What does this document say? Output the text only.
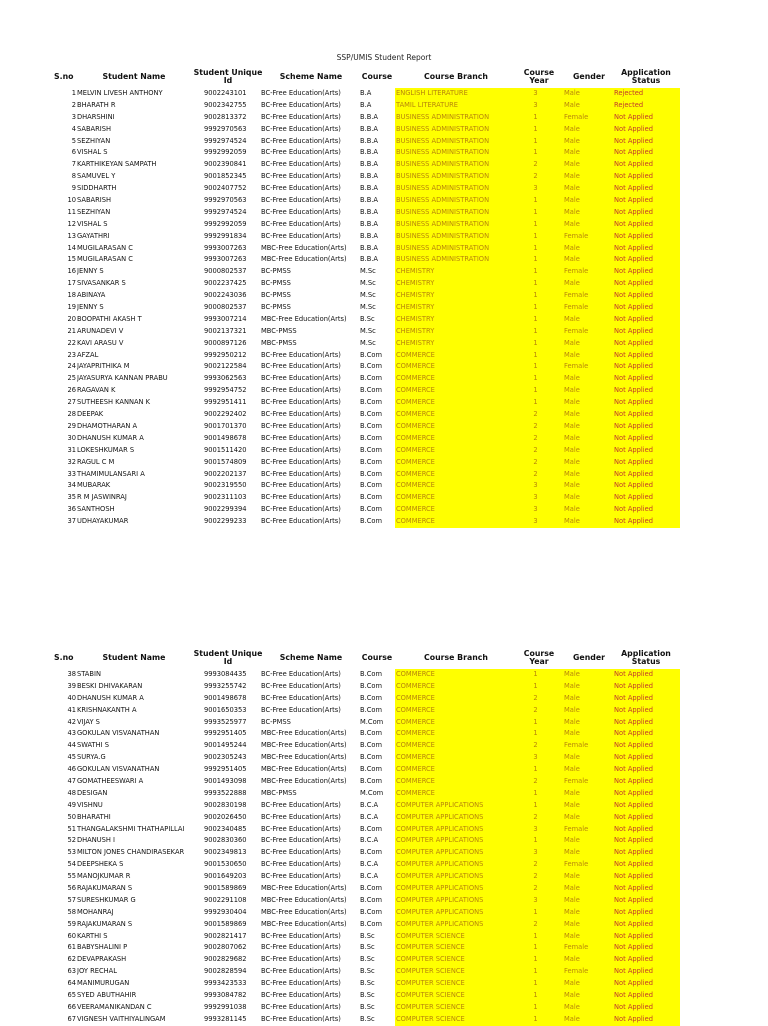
SSP/UMIS Student Report
S.no	Student Name	Student Unique Id	Scheme Name	Course	Course Branch	Course Year	Gender	Application Status
1 MELVIN LIVESH ANTHONY	9002243101	BC-Free Education(Arts)	B.A	ENGLISH LITERATURE	3	Male	Rejected
2 BHARATH R	9002342755	BC-Free Education(Arts)	B.A	TAMIL LITERATURE	3	Male	Rejected
3 DHARSHINI	9002813372	BC-Free Education(Arts)	B.B.A	BUSINESS ADMINISTRATION	1	Female	Not Applied
4 SABARISH	9992970563	BC-Free Education(Arts)	B.B.A	BUSINESS ADMINISTRATION	1	Male	Not Applied
5 SEZHIYAN	9992974524	BC-Free Education(Arts)	B.B.A	BUSINESS ADMINISTRATION	1	Male	Not Applied
6 VISHAL S	9992992059	BC-Free Education(Arts)	B.B.A	BUSINESS ADMINISTRATION	1	Male	Not Applied
7 KARTHIKEYAN SAMPATH	9002390841	BC-Free Education(Arts)	B.B.A	BUSINESS ADMINISTRATION	2	Male	Not Applied
8 SAMUVEL Y	9001852345	BC-Free Education(Arts)	B.B.A	BUSINESS ADMINISTRATION	2	Male	Not Applied
9 SIDDHARTH	9002407752	BC-Free Education(Arts)	B.B.A	BUSINESS ADMINISTRATION	3	Male	Not Applied
10 SABARISH	9992970563	BC-Free Education(Arts)	B.B.A	BUSINESS ADMINISTRATION	1	Male	Not Applied
11 SEZHIYAN	9992974524	BC-Free Education(Arts)	B.B.A	BUSINESS ADMINISTRATION	1	Male	Not Applied
12 VISHAL S	9992992059	BC-Free Education(Arts)	B.B.A	BUSINESS ADMINISTRATION	1	Male	Not Applied
13 GAYATHRI	9992991834	BC-Free Education(Arts)	B.B.A	BUSINESS ADMINISTRATION	1	Female	Not Applied
14 MUGILARASAN C	9993007263	MBC-Free Education(Arts)	B.B.A	BUSINESS ADMINISTRATION	1	Male	Not Applied
15 MUGILARASAN C	9993007263	MBC-Free Education(Arts)	B.B.A	BUSINESS ADMINISTRATION	1	Male	Not Applied
16 JENNY S	9000802537	BC-PMSS	M.Sc	CHEMISTRY	1	Female	Not Applied
17 SIVASANKAR S	9002237425	BC-PMSS	M.Sc	CHEMISTRY	1	Male	Not Applied
18 ABINAYA	9002243036	BC-PMSS	M.Sc	CHEMISTRY	1	Female	Not Applied
19 JENNY S	9000802537	BC-PMSS	M.Sc	CHEMISTRY	1	Female	Not Applied
20 BOOPATHI AKASH T	9993007214	MBC-Free Education(Arts)	B.Sc	CHEMISTRY	1	Male	Not Applied
21 ARUNADEVI V	9002137321	MBC-PMSS	M.Sc	CHEMISTRY	1	Female	Not Applied
22 KAVI ARASU V	9000897126	MBC-PMSS	M.Sc	CHEMISTRY	1	Male	Not Applied
23 AFZAL	9992950212	BC-Free Education(Arts)	B.Com	COMMERCE	1	Male	Not Applied
24 JAYAPRITHIKA M	9002122584	BC-Free Education(Arts)	B.Com	COMMERCE	1	Female	Not Applied
25 JAYASURYA KANNAN PRABU	9993062563	BC-Free Education(Arts)	B.Com	COMMERCE	1	Male	Not Applied
26 RAGAVAN K	9992954752	BC-Free Education(Arts)	B.Com	COMMERCE	1	Male	Not Applied
27 SUTHEESH KANNAN K	9992951411	BC-Free Education(Arts)	B.Com	COMMERCE	1	Male	Not Applied
28 DEEPAK	9002292402	BC-Free Education(Arts)	B.Com	COMMERCE	2	Male	Not Applied
29 DHAMOTHARAN A	9001701370	BC-Free Education(Arts)	B.Com	COMMERCE	2	Male	Not Applied
30 DHANUSH KUMAR A	9001498678	BC-Free Education(Arts)	B.Com	COMMERCE	2	Male	Not Applied
31 LOKESHKUMAR S	9001511420	BC-Free Education(Arts)	B.Com	COMMERCE	2	Male	Not Applied
32 RAGUL C M	9001574809	BC-Free Education(Arts)	B.Com	COMMERCE	2	Male	Not Applied
33 THAMIMULANSARI A	9002202137	BC-Free Education(Arts)	B.Com	COMMERCE	2	Male	Not Applied
34 MUBARAK	9002319550	BC-Free Education(Arts)	B.Com	COMMERCE	3	Male	Not Applied
35 R M JASWINRAJ	9002311103	BC-Free Education(Arts)	B.Com	COMMERCE	3	Male	Not Applied
36 SANTHOSH	9002299394	BC-Free Education(Arts)	B.Com	COMMERCE	3	Male	Not Applied
37 UDHAYAKUMAR	9002299233	BC-Free Education(Arts)	B.Com	COMMERCE	3	Male	Not Applied
S.no	Student Name	Student Unique Id	Scheme Name	Course	Course Branch	Course Year	Gender	Application Status
38 STABIN	9993084435	BC-Free Education(Arts)	B.Com	COMMERCE	1	Male	Not Applied
39 BESKI DHIVAKARAN	9993255742	BC-Free Education(Arts)	B.Com	COMMERCE	1	Male	Not Applied
40 DHANUSH KUMAR A	9001498678	BC-Free Education(Arts)	B.Com	COMMERCE	2	Male	Not Applied
41 KRISHNAKANTH A	9001650353	BC-Free Education(Arts)	B.Com	COMMERCE	2	Male	Not Applied
42 VIJAY S	9993525977	BC-PMSS	M.Com	COMMERCE	1	Male	Not Applied
43 GOKULAN VISVANATHAN	9992951405	MBC-Free Education(Arts)	B.Com	COMMERCE	1	Male	Not Applied
44 SWATHI S	9001495244	MBC-Free Education(Arts)	B.Com	COMMERCE	2	Female	Not Applied
45 SURYA.G	9002305243	MBC-Free Education(Arts)	B.Com	COMMERCE	3	Male	Not Applied
46 GOKULAN VISVANATHAN	9992951405	MBC-Free Education(Arts)	B.Com	COMMERCE	1	Male	Not Applied
47 GOMATHEESWARI A	9001493098	MBC-Free Education(Arts)	B.Com	COMMERCE	2	Female	Not Applied
48 DESIGAN	9993522888	MBC-PMSS	M.Com	COMMERCE	1	Male	Not Applied
49 VISHNU	9002830198	BC-Free Education(Arts)	B.C.A	COMPUTER APPLICATIONS	1	Male	Not Applied
50 BHARATHI	9002026450	BC-Free Education(Arts)	B.C.A	COMPUTER APPLICATIONS	2	Male	Not Applied
51 THANGALAKSHMI THATHAPILLAI	9002340485	BC-Free Education(Arts)	B.Com	COMPUTER APPLICATIONS	3	Female	Not Applied
52 DHANUSH I	9002830360	BC-Free Education(Arts)	B.C.A	COMPUTER APPLICATIONS	1	Male	Not Applied
53 MILTON JONES CHANDIRASEKAR	9002349813	BC-Free Education(Arts)	B.Com	COMPUTER APPLICATIONS	3	Male	Not Applied
54 DEEPSHEKA S	9001530650	BC-Free Education(Arts)	B.C.A	COMPUTER APPLICATIONS	2	Female	Not Applied
55 MANOJKUMAR R	9001649203	BC-Free Education(Arts)	B.C.A	COMPUTER APPLICATIONS	2	Male	Not Applied
56 RAJAKUMARAN S	9001589869	MBC-Free Education(Arts)	B.Com	COMPUTER APPLICATIONS	2	Male	Not Applied
57 SURESHKUMAR G	9002291108	MBC-Free Education(Arts)	B.Com	COMPUTER APPLICATIONS	3	Male	Not Applied
58 MOHANRAJ	9992930404	MBC-Free Education(Arts)	B.Com	COMPUTER APPLICATIONS	1	Male	Not Applied
59 RAJAKUMARAN S	9001589869	MBC-Free Education(Arts)	B.Com	COMPUTER APPLICATIONS	2	Male	Not Applied
60 KARTHI S	9002821417	BC-Free Education(Arts)	B.Sc	COMPUTER SCIENCE	1	Male	Not Applied
61 BABYSHALINI P	9002807062	BC-Free Education(Arts)	B.Sc	COMPUTER SCIENCE	1	Female	Not Applied
62 DEVAPRAKASH	9002829682	BC-Free Education(Arts)	B.Sc	COMPUTER SCIENCE	1	Male	Not Applied
63 JOY RECHAL	9002828594	BC-Free Education(Arts)	B.Sc	COMPUTER SCIENCE	1	Female	Not Applied
64 MANIMURUGAN	9993423533	BC-Free Education(Arts)	B.Sc	COMPUTER SCIENCE	1	Male	Not Applied
65 SYED ABUTHAHIR	9993084782	BC-Free Education(Arts)	B.Sc	COMPUTER SCIENCE	1	Male	Not Applied
66 VEERAMANIKANDAN C	9992991038	BC-Free Education(Arts)	B.Sc	COMPUTER SCIENCE	1	Male	Not Applied
67 VIGNESH VAITHIYALINGAM	9993281145	BC-Free Education(Arts)	B.Sc	COMPUTER SCIENCE	1	Male	Not Applied
